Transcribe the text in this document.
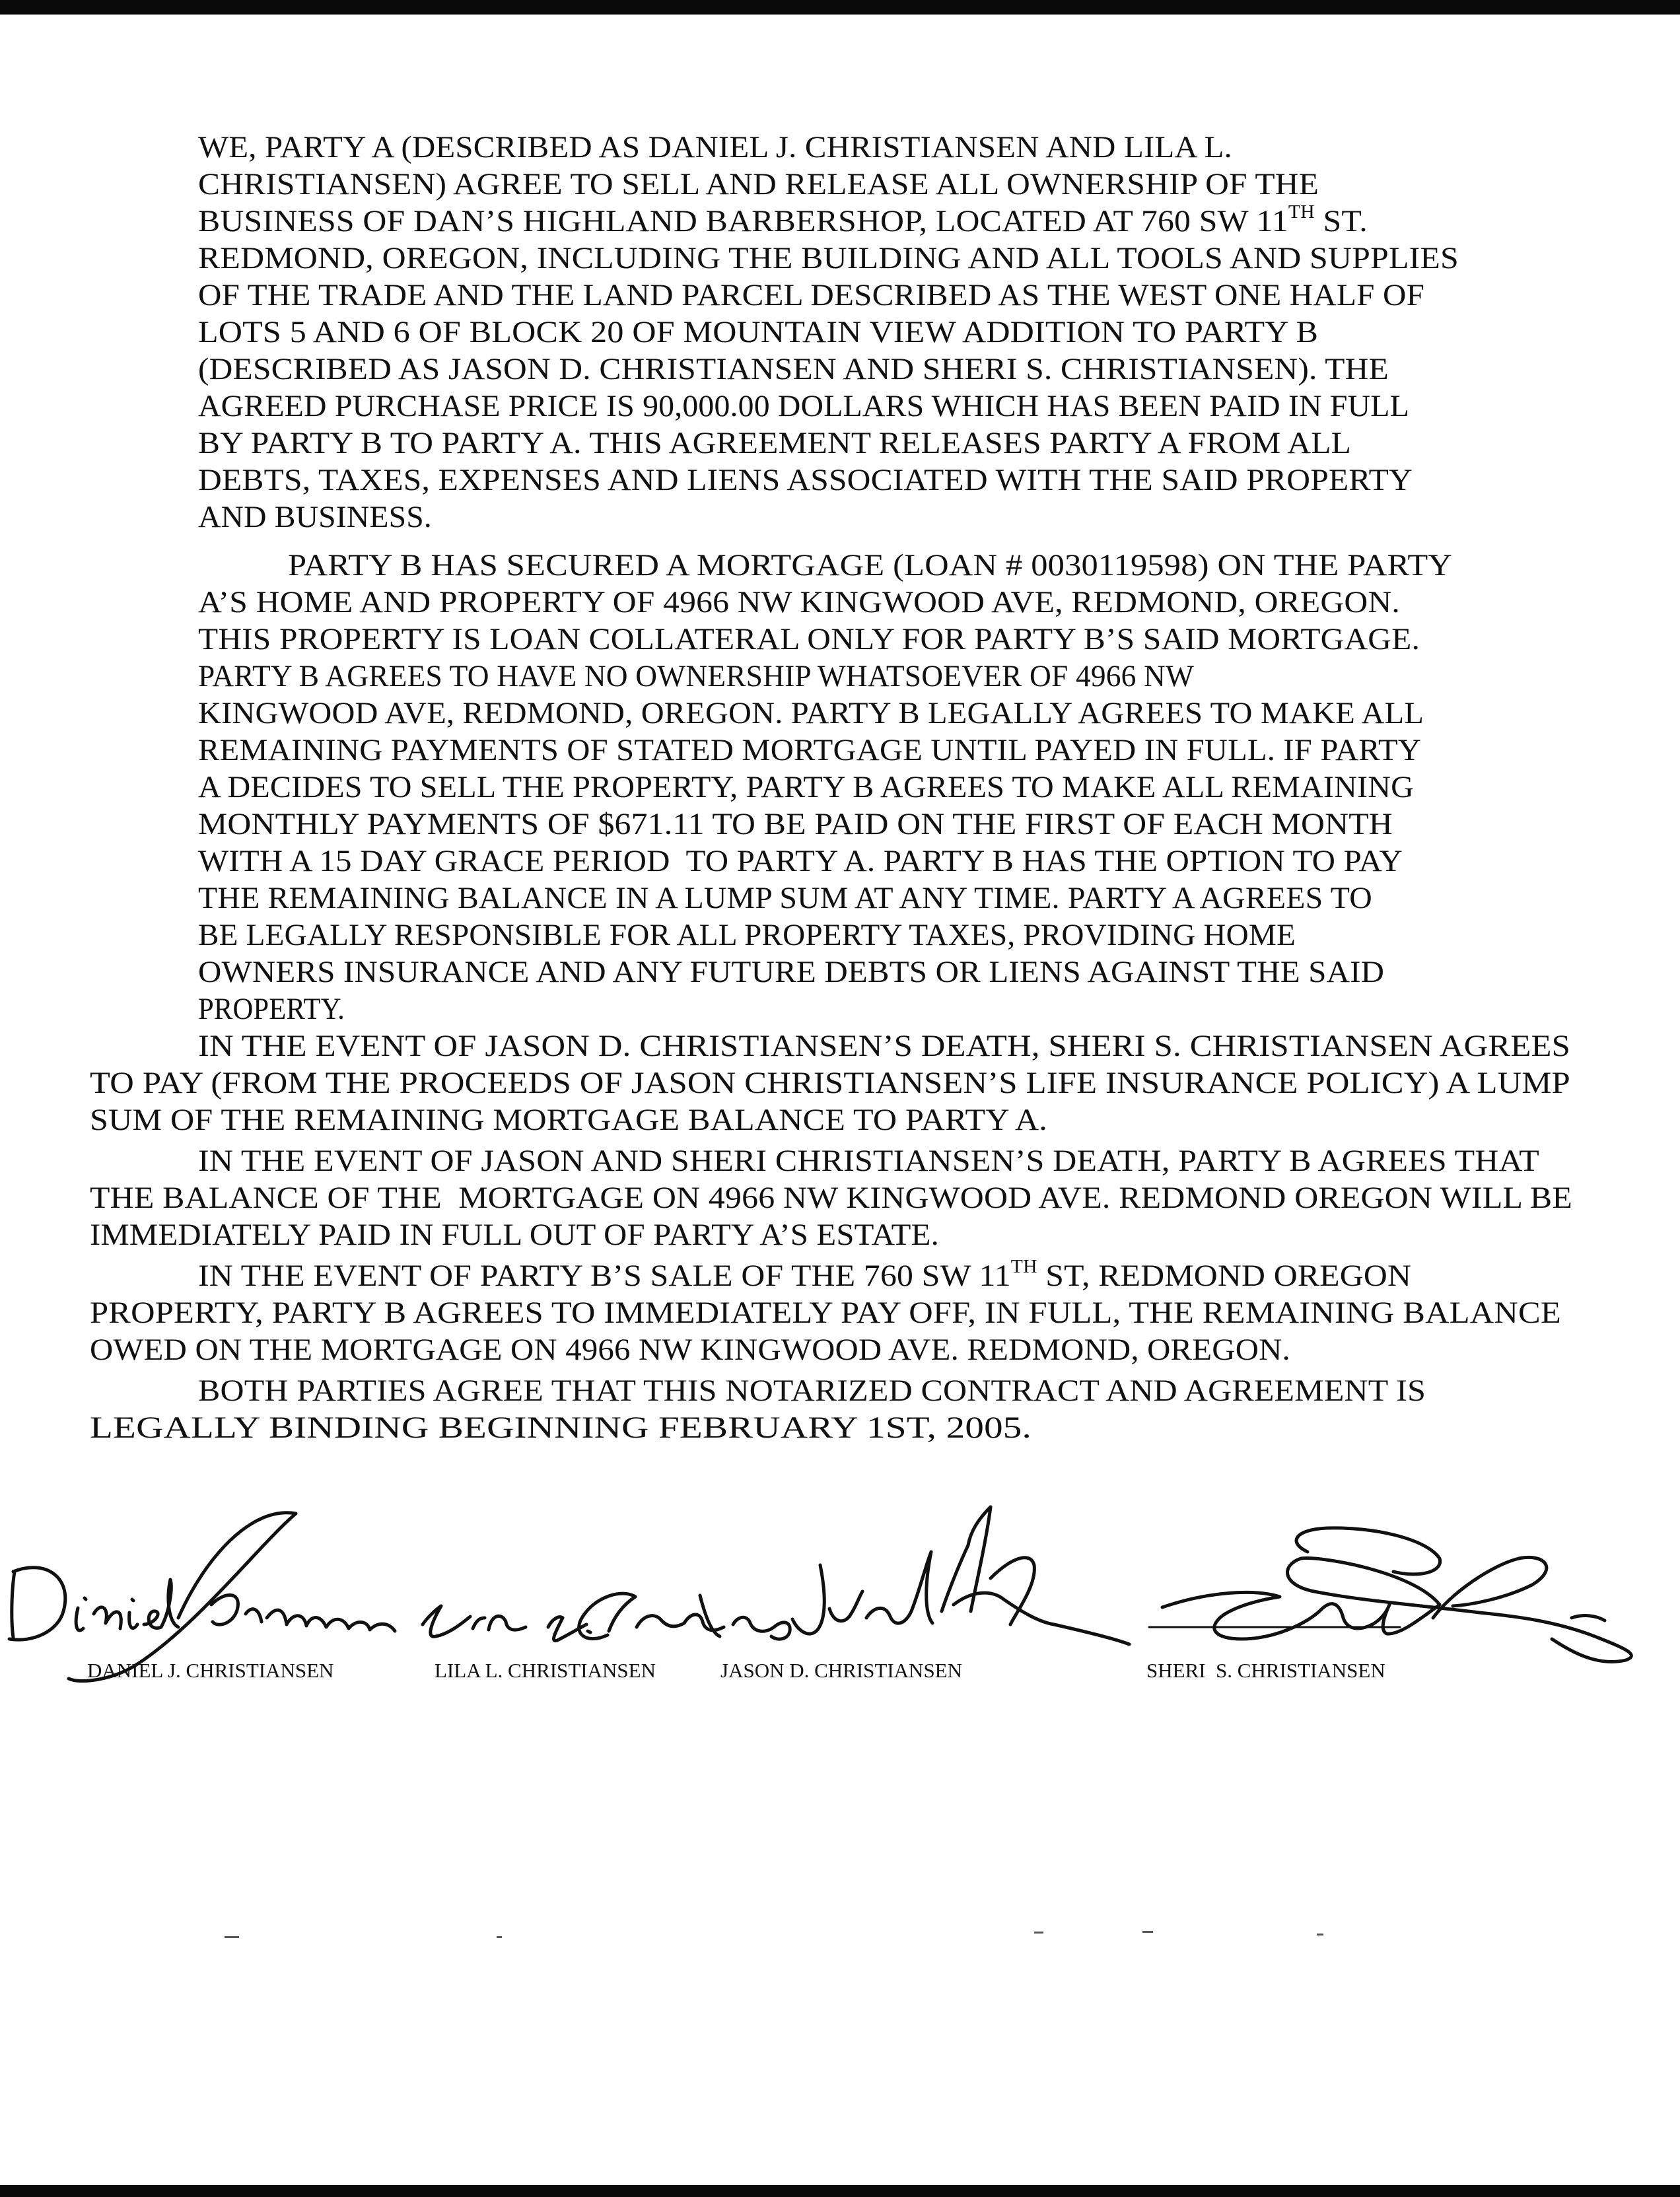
WE, PARTY A (DESCRIBED AS DANIEL J. CHRISTIANSEN AND LILA L.

CHRISTIANSEN) AGREE TO SELL AND RELEASE ALL OWNERSHIP OF THE

BUSINESS OF DAN’S HIGHLAND BARBERSHOP, LOCATED AT 760 SW 11TH ST.

REDMOND, OREGON, INCLUDING THE BUILDING AND ALL TOOLS AND SUPPLIES

OF THE TRADE AND THE LAND PARCEL DESCRIBED AS THE WEST ONE HALF OF

LOTS 5 AND 6 OF BLOCK 20 OF MOUNTAIN VIEW ADDITION TO PARTY B

(DESCRIBED AS JASON D. CHRISTIANSEN AND SHERI S. CHRISTIANSEN). THE

AGREED PURCHASE PRICE IS 90,000.00 DOLLARS WHICH HAS BEEN PAID IN FULL

BY PARTY B TO PARTY A. THIS AGREEMENT RELEASES PARTY A FROM ALL

DEBTS, TAXES, EXPENSES AND LIENS ASSOCIATED WITH THE SAID PROPERTY

AND BUSINESS.

PARTY B HAS SECURED A MORTGAGE (LOAN # 0030119598) ON THE PARTY

A’S HOME AND PROPERTY OF 4966 NW KINGWOOD AVE, REDMOND, OREGON.

THIS PROPERTY IS LOAN COLLATERAL ONLY FOR PARTY B’S SAID MORTGAGE.

PARTY B AGREES TO HAVE NO OWNERSHIP WHATSOEVER OF 4966 NW

KINGWOOD AVE, REDMOND, OREGON. PARTY B LEGALLY AGREES TO MAKE ALL

REMAINING PAYMENTS OF STATED MORTGAGE UNTIL PAYED IN FULL. IF PARTY

A DECIDES TO SELL THE PROPERTY, PARTY B AGREES TO MAKE ALL REMAINING

MONTHLY PAYMENTS OF $671.11 TO BE PAID ON THE FIRST OF EACH MONTH

WITH A 15 DAY GRACE PERIOD  TO PARTY A. PARTY B HAS THE OPTION TO PAY

THE REMAINING BALANCE IN A LUMP SUM AT ANY TIME. PARTY A AGREES TO

BE LEGALLY RESPONSIBLE FOR ALL PROPERTY TAXES, PROVIDING HOME

OWNERS INSURANCE AND ANY FUTURE DEBTS OR LIENS AGAINST THE SAID

PROPERTY.

IN THE EVENT OF JASON D. CHRISTIANSEN’S DEATH, SHERI S. CHRISTIANSEN AGREES

TO PAY (FROM THE PROCEEDS OF JASON CHRISTIANSEN’S LIFE INSURANCE POLICY) A LUMP

SUM OF THE REMAINING MORTGAGE BALANCE TO PARTY A.

IN THE EVENT OF JASON AND SHERI CHRISTIANSEN’S DEATH, PARTY B AGREES THAT

THE BALANCE OF THE  MORTGAGE ON 4966 NW KINGWOOD AVE. REDMOND OREGON WILL BE

IMMEDIATELY PAID IN FULL OUT OF PARTY A’S ESTATE.

IN THE EVENT OF PARTY B’S SALE OF THE 760 SW 11TH ST, REDMOND OREGON

PROPERTY, PARTY B AGREES TO IMMEDIATELY PAY OFF, IN FULL, THE REMAINING BALANCE

OWED ON THE MORTGAGE ON 4966 NW KINGWOOD AVE. REDMOND, OREGON.

BOTH PARTIES AGREE THAT THIS NOTARIZED CONTRACT AND AGREEMENT IS

LEGALLY BINDING BEGINNING FEBRUARY 1ST, 2005.

DANIEL J. CHRISTIANSEN	LILA L. CHRISTIANSEN	JASON D. CHRISTIANSEN	SHERI  S. CHRISTIANSEN
